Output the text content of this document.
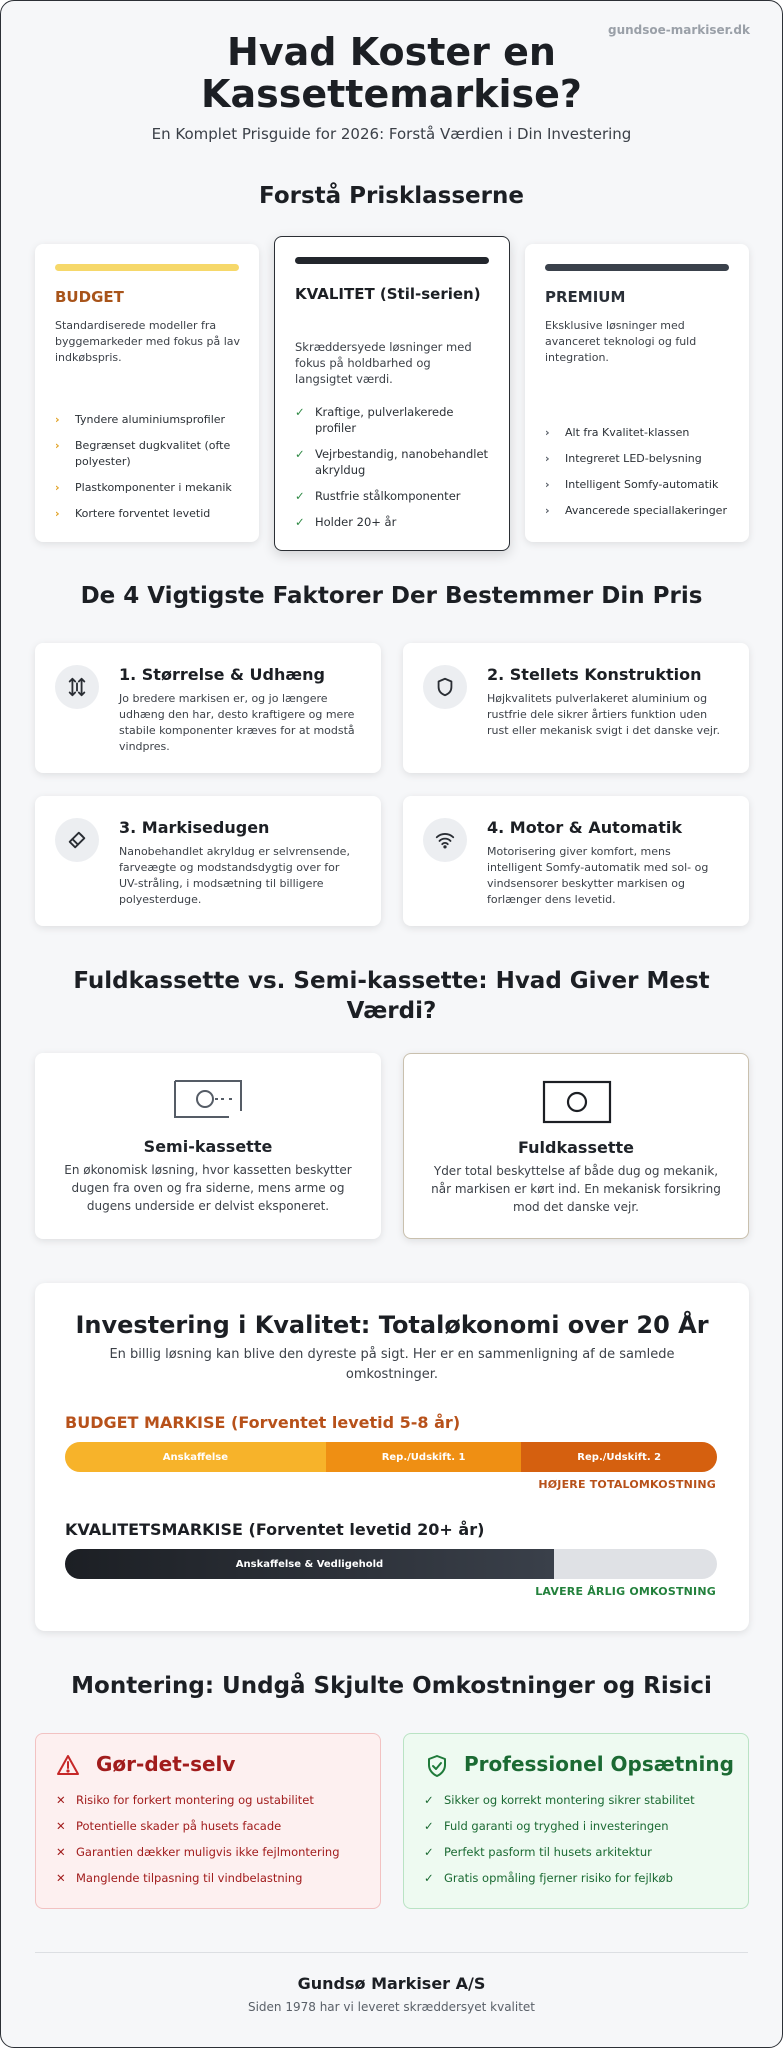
gundsoe-markiser.dk
Hvad Koster en
Kassettemarkise?
En Komplet Prisguide for 2026: Forstå Værdien i Din Investering
Forstå Prisklasserne
BUDGET
Standardiserede modeller fra byggemarkeder med fokus på lav indkøbspris.
› Tyndere aluminiumsprofiler
› Begrænset dugkvalitet (ofte polyester)
› Plastkomponenter i mekanik
› Kortere forventet levetid
KVALITET (Stil-serien)
Skræddersyede løsninger med fokus på holdbarhed og langsigtet værdi.
✓ Kraftige, pulverlakerede profiler
✓ Vejrbestandig, nanobehandlet akryldug
✓ Rustfrie stålkomponenter
✓ Holder 20+ år
PREMIUM
Eksklusive løsninger med avanceret teknologi og fuld integration.
› Alt fra Kvalitet-klassen
› Integreret LED-belysning
› Intelligent Somfy-automatik
› Avancerede speciallakeringer
De 4 Vigtigste Faktorer Der Bestemmer Din Pris
1. Størrelse & Udhæng
Jo bredere markisen er, og jo længere udhæng den har, desto kraftigere og mere stabile komponenter kræves for at modstå vindpres.
2. Stellets Konstruktion
Højkvalitets pulverlakeret aluminium og rustfrie dele sikrer årtiers funktion uden rust eller mekanisk svigt i det danske vejr.
3. Markisedugen
Nanobehandlet akryldug er selvrensende, farveægte og modstandsdygtig over for UV-stråling, i modsætning til billigere polyesterduge.
4. Motor & Automatik
Motorisering giver komfort, mens intelligent Somfy-automatik med sol- og vindsensorer beskytter markisen og forlænger dens levetid.
Fuldkassette vs. Semi-kassette: Hvad Giver Mest
Værdi?
Semi-kassette
En økonomisk løsning, hvor kassetten beskytter dugen fra oven og fra siderne, mens arme og dugens underside er delvist eksponeret.
Fuldkassette
Yder total beskyttelse af både dug og mekanik, når markisen er kørt ind. En mekanisk forsikring mod det danske vejr.
Investering i Kvalitet: Totaløkonomi over 20 År
En billig løsning kan blive den dyreste på sigt. Her er en sammenligning af de samlede omkostninger.
BUDGET MARKISE (Forventet levetid 5-8 år)
Anskaffelse	Rep./Udskift. 1	Rep./Udskift. 2
HØJERE TOTALOMKOSTNING
KVALITETSMARKISE (Forventet levetid 20+ år)
Anskaffelse & Vedligehold
LAVERE ÅRLIG OMKOSTNING
Montering: Undgå Skjulte Omkostninger og Risici
Gør-det-selv
✕ Risiko for forkert montering og ustabilitet
✕ Potentielle skader på husets facade
✕ Garantien dækker muligvis ikke fejlmontering
✕ Manglende tilpasning til vindbelastning
Professionel Opsætning
✓ Sikker og korrekt montering sikrer stabilitet
✓ Fuld garanti og tryghed i investeringen
✓ Perfekt pasform til husets arkitektur
✓ Gratis opmåling fjerner risiko for fejlkøb
Gundsø Markiser A/S
Siden 1978 har vi leveret skræddersyet kvalitet
